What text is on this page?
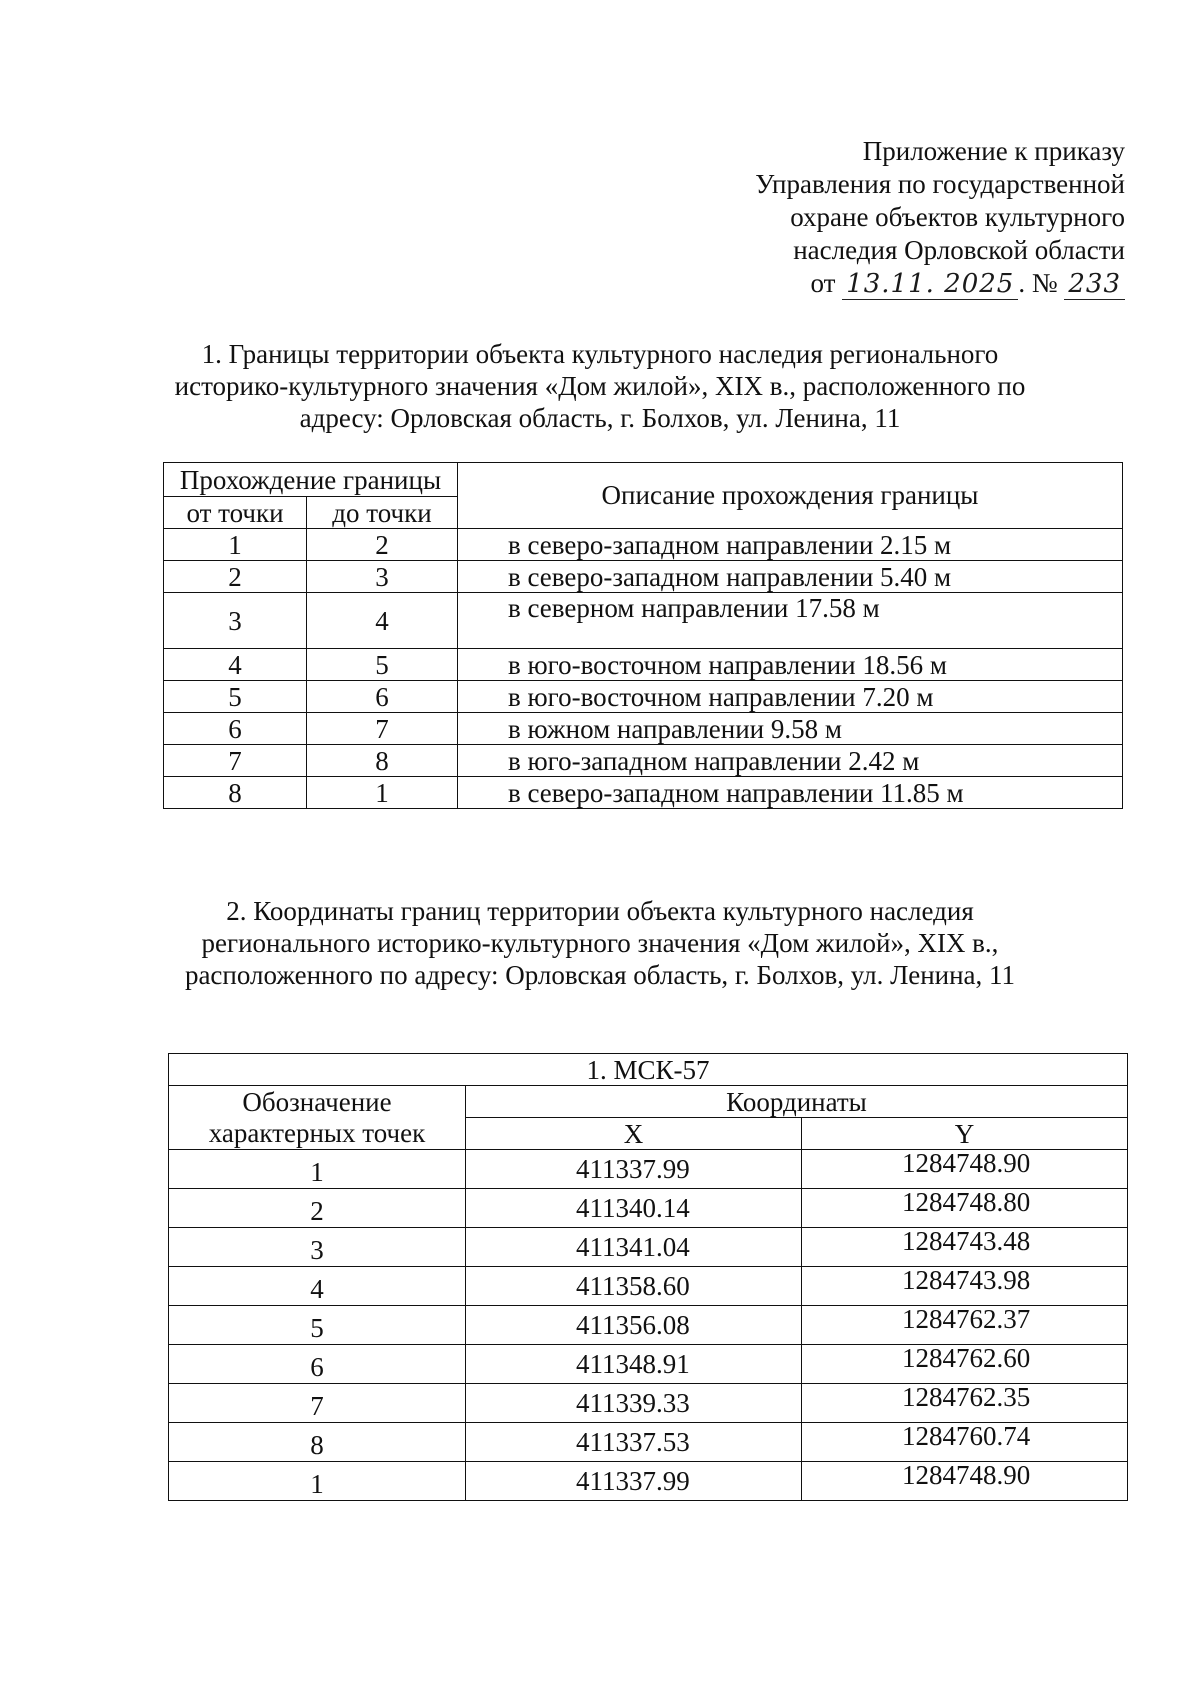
Приложение к приказу
Управления по государственной
охране объектов культурного
наследия Орловской области
от 13.11. 2025 . № 233
1. Границы территории объекта культурного наследия регионального
историко-культурного значения «Дом жилой», XIX в., расположенного по
адресу: Орловская область, г. Болхов, ул. Ленина, 11
Прохождение границы		Описание прохождения границы
от точки	до точки	
1	2	в северо-западном направлении 2.15 м
2	3	в северо-западном направлении 5.40 м
3	4	в северном направлении 17.58 м
4	5	в юго-восточном направлении 18.56 м
5	6	в юго-восточном направлении 7.20 м
6	7	в южном направлении 9.58 м
7	8	в юго-западном направлении 2.42 м
8	1	в северо-западном направлении 11.85 м
2. Координаты границ территории объекта культурного наследия
регионального историко-культурного значения «Дом жилой», XIX в.,
расположенного по адресу: Орловская область, г. Болхов, ул. Ленина, 11
1. МСК-57		

Обозначение
характерных точек	Координаты	
	X	Y
1	411337.99	1284748.90
2	411340.14	1284748.80
3	411341.04	1284743.48
4	411358.60	1284743.98
5	411356.08	1284762.37
6	411348.91	1284762.60
7	411339.33	1284762.35
8	411337.53	1284760.74
1	411337.99	1284748.90
